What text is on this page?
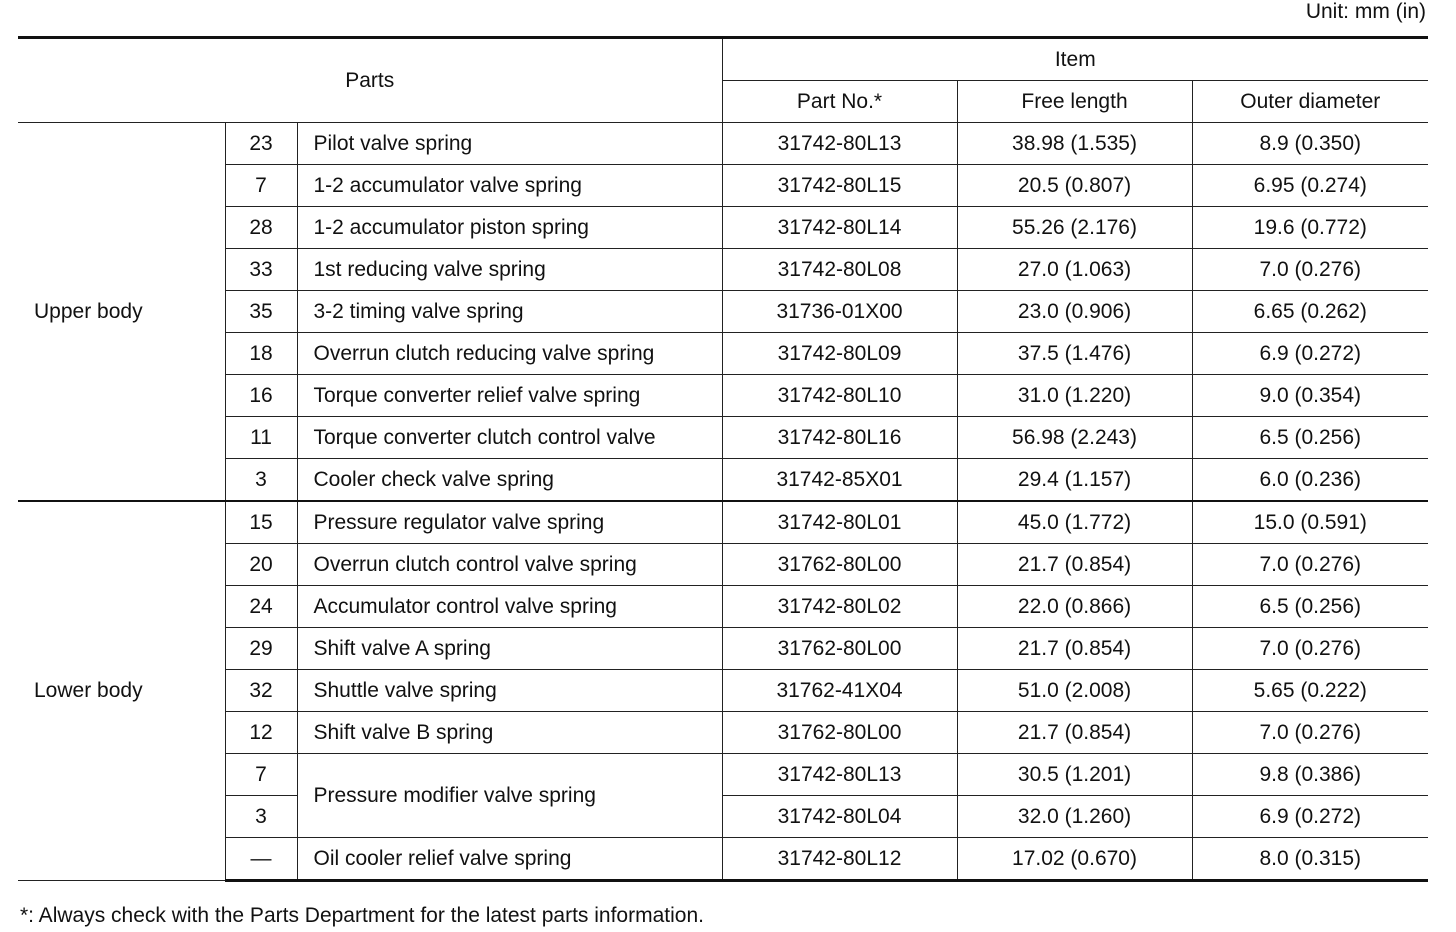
Unit: mm (in)
Parts			Item		
			Part No.*	Free length	Outer diameter
Upper body	23	Pilot valve spring	31742-80L13	38.98 (1.535)	8.9 (0.350)
	7	1-2 accumulator valve spring	31742-80L15	20.5 (0.807)	6.95 (0.274)
	28	1-2 accumulator piston spring	31742-80L14	55.26 (2.176)	19.6 (0.772)
	33	1st reducing valve spring	31742-80L08	27.0 (1.063)	7.0 (0.276)
	35	3-2 timing valve spring	31736-01X00	23.0 (0.906)	6.65 (0.262)
	18	Overrun clutch reducing valve spring	31742-80L09	37.5 (1.476)	6.9 (0.272)
	16	Torque converter relief valve spring	31742-80L10	31.0 (1.220)	9.0 (0.354)
	11	Torque converter clutch control valve	31742-80L16	56.98 (2.243)	6.5 (0.256)
	3	Cooler check valve spring	31742-85X01	29.4 (1.157)	6.0 (0.236)
Lower body	15	Pressure regulator valve spring	31742-80L01	45.0 (1.772)	15.0 (0.591)
	20	Overrun clutch control valve spring	31762-80L00	21.7 (0.854)	7.0 (0.276)
	24	Accumulator control valve spring	31742-80L02	22.0 (0.866)	6.5 (0.256)
	29	Shift valve A spring	31762-80L00	21.7 (0.854)	7.0 (0.276)
	32	Shuttle valve spring	31762-41X04	51.0 (2.008)	5.65 (0.222)
	12	Shift valve B spring	31762-80L00	21.7 (0.854)	7.0 (0.276)
	7	Pressure modifier valve spring	31742-80L13	30.5 (1.201)	9.8 (0.386)
	3		31742-80L04	32.0 (1.260)	6.9 (0.272)
	—	Oil cooler relief valve spring	31742-80L12	17.02 (0.670)	8.0 (0.315)
*: Always check with the Parts Department for the latest parts information.
